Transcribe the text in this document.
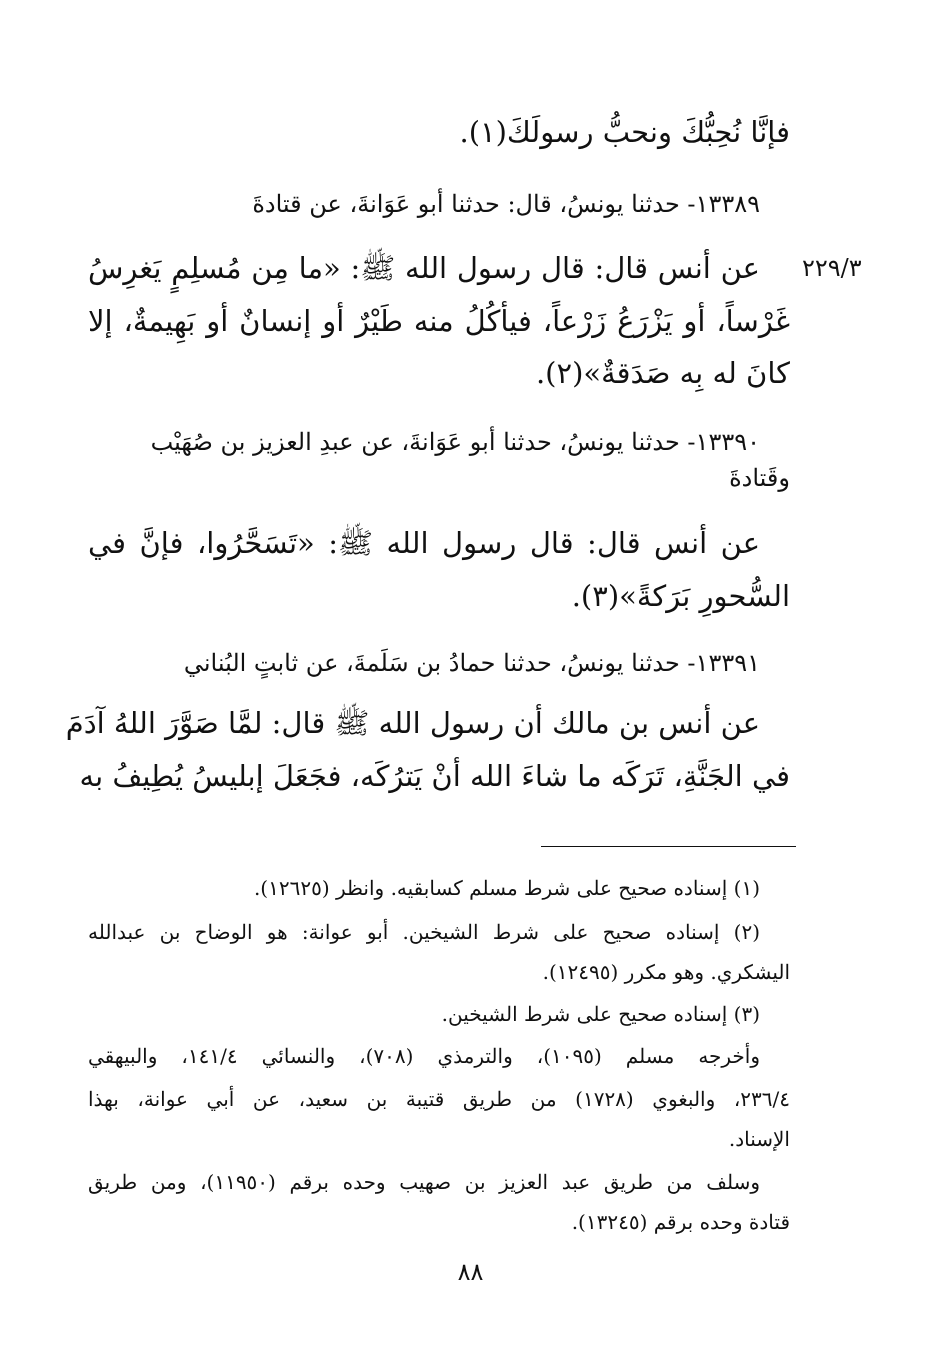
٢٢٩/٣
فإنَّا نُحِبُّكَ ونحبُّ رسولَكَ(١).
١٣٣٨٩- حدثنا يونسُ، قال: حدثنا أبو عَوَانةَ، عن قتادةَ
عن أنس قال: قال رسول الله ﷺ: «ما مِن مُسلِمٍ يَغرِسُ
غَرْساً، أو يَزْرَعُ زَرْعاً، فيأكُلُ منه طَيْرٌ أو إنسانٌ أو بَهِيمةٌ، إلا
كانَ له بِه صَدَقةٌ»(٢).
١٣٣٩٠- حدثنا يونسُ، حدثنا أبو عَوَانةَ، عن عبدِ العزيز بن صُهَيْب
وقَتادةَ
عن أنس قال: قال رسول الله ﷺ: «تَسَحَّرُوا، فإنَّ في
السُّحورِ بَرَكةً»(٣).
١٣٣٩١- حدثنا يونسُ، حدثنا حمادُ بن سَلَمةَ، عن ثابتٍ البُناني
عن أنس بن مالك أن رسول الله ﷺ قال: لمَّا صَوَّرَ اللهُ آدَمَ
في الجَنَّةِ، تَرَكَه ما شاءَ الله أنْ يَترُكَه، فجَعَلَ إبليسُ يُطِيفُ به
(١) إسناده صحيح على شرط مسلم كسابقيه. وانظر (١٢٦٢٥).
(٢) إسناده صحيح على شرط الشيخين. أبو عوانة: هو الوضاح بن عبدالله
اليشكري. وهو مكرر (١٢٤٩٥).
(٣) إسناده صحيح على شرط الشيخين.
وأخرجه مسلم (١٠٩٥)، والترمذي (٧٠٨)، والنسائي ١٤١/٤، والبيهقي
٢٣٦/٤، والبغوي (١٧٢٨) من طريق قتيبة بن سعيد، عن أبي عوانة، بهذا
الإسناد.
وسلف من طريق عبد العزيز بن صهيب وحده برقم (١١٩٥٠)، ومن طريق
قتادة وحده برقم (١٣٢٤٥).
٨٨
